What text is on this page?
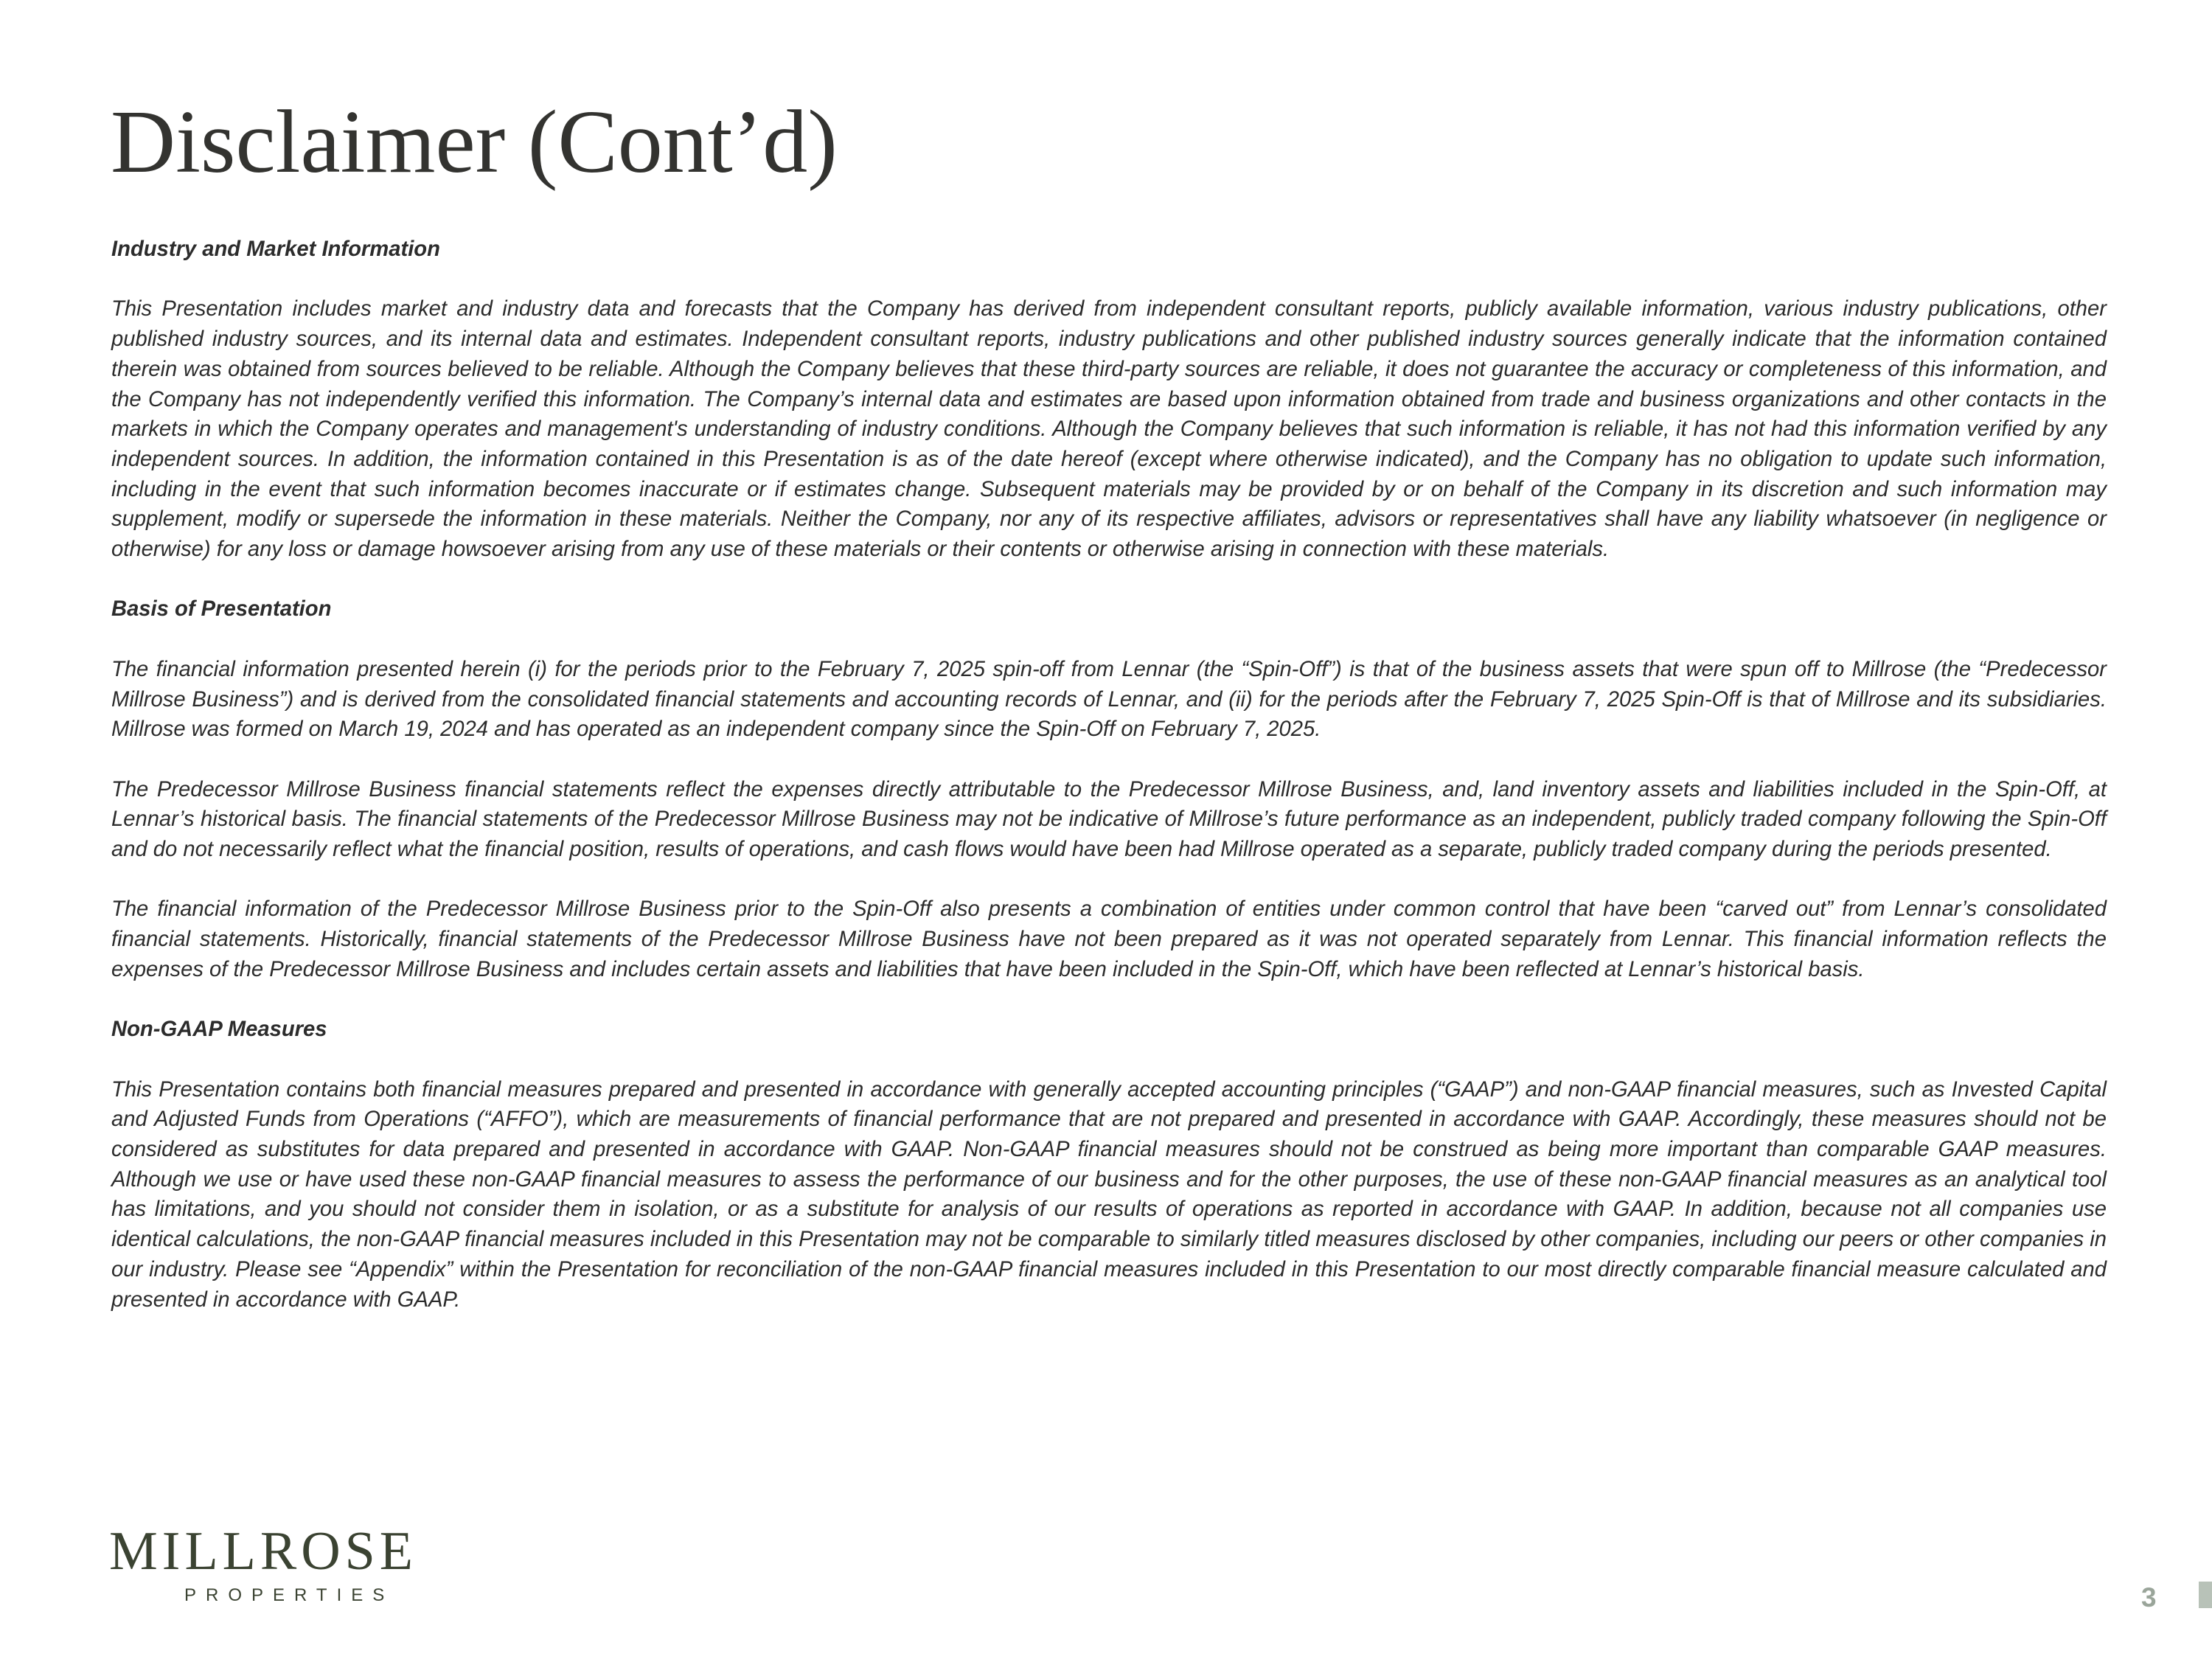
Disclaimer (Cont’d)

Industry and Market Information

This Presentation includes market and industry data and forecasts that the Company has derived from independent consultant reports, publicly available information, various industry publications, other published industry sources, and its internal data and estimates. Independent consultant reports, industry publications and other published industry sources generally indicate that the information contained therein was obtained from sources believed to be reliable. Although the Company believes that these third-party sources are reliable, it does not guarantee the accuracy or completeness of this information, and the Company has not independently verified this information. The Company’s internal data and estimates are based upon information obtained from trade and business organizations and other contacts in the markets in which the Company operates and management's understanding of industry conditions. Although the Company believes that such information is reliable, it has not had this information verified by any independent sources. In addition, the information contained in this Presentation is as of the date hereof (except where otherwise indicated), and the Company has no obligation to update such information, including in the event that such information becomes inaccurate or if estimates change. Subsequent materials may be provided by or on behalf of the Company in its discretion and such information may supplement, modify or supersede the information in these materials. Neither the Company, nor any of its respective affiliates, advisors or representatives shall have any liability whatsoever (in negligence or otherwise) for any loss or damage howsoever arising from any use of these materials or their contents or otherwise arising in connection with these materials.

Basis of Presentation

The financial information presented herein (i) for the periods prior to the February 7, 2025 spin-off from Lennar (the “Spin-Off”) is that of the business assets that were spun off to Millrose (the “Predecessor Millrose Business”) and is derived from the consolidated financial statements and accounting records of Lennar, and (ii) for the periods after the February 7, 2025 Spin-Off is that of Millrose and its subsidiaries. Millrose was formed on March 19, 2024 and has operated as an independent company since the Spin-Off on February 7, 2025.

The Predecessor Millrose Business financial statements reflect the expenses directly attributable to the Predecessor Millrose Business, and, land inventory assets and liabilities included in the Spin-Off, at Lennar’s historical basis. The financial statements of the Predecessor Millrose Business may not be indicative of Millrose’s future performance as an independent, publicly traded company following the Spin-Off and do not necessarily reflect what the financial position, results of operations, and cash flows would have been had Millrose operated as a separate, publicly traded company during the periods presented.

The financial information of the Predecessor Millrose Business prior to the Spin-Off also presents a combination of entities under common control that have been “carved out” from Lennar’s consolidated financial statements. Historically, financial statements of the Predecessor Millrose Business have not been prepared as it was not operated separately from Lennar. This financial information reflects the expenses of the Predecessor Millrose Business and includes certain assets and liabilities that have been included in the Spin-Off, which have been reflected at Lennar’s historical basis.

Non-GAAP Measures

This Presentation contains both financial measures prepared and presented in accordance with generally accepted accounting principles (“GAAP”) and non-GAAP financial measures, such as Invested Capital and Adjusted Funds from Operations (“AFFO”), which are measurements of financial performance that are not prepared and presented in accordance with GAAP. Accordingly, these measures should not be considered as substitutes for data prepared and presented in accordance with GAAP. Non-GAAP financial measures should not be construed as being more important than comparable GAAP measures. Although we use or have used these non-GAAP financial measures to assess the performance of our business and for the other purposes, the use of these non-GAAP financial measures as an analytical tool has limitations, and you should not consider them in isolation, or as a substitute for analysis of our results of operations as reported in accordance with GAAP. In addition, because not all companies use identical calculations, the non-GAAP financial measures included in this Presentation may not be comparable to similarly titled measures disclosed by other companies, including our peers or other companies in our industry. Please see “Appendix” within the Presentation for reconciliation of the non-GAAP financial measures included in this Presentation to our most directly comparable financial measure calculated and presented in accordance with GAAP.

MILLROSE
PROPERTIES	3
